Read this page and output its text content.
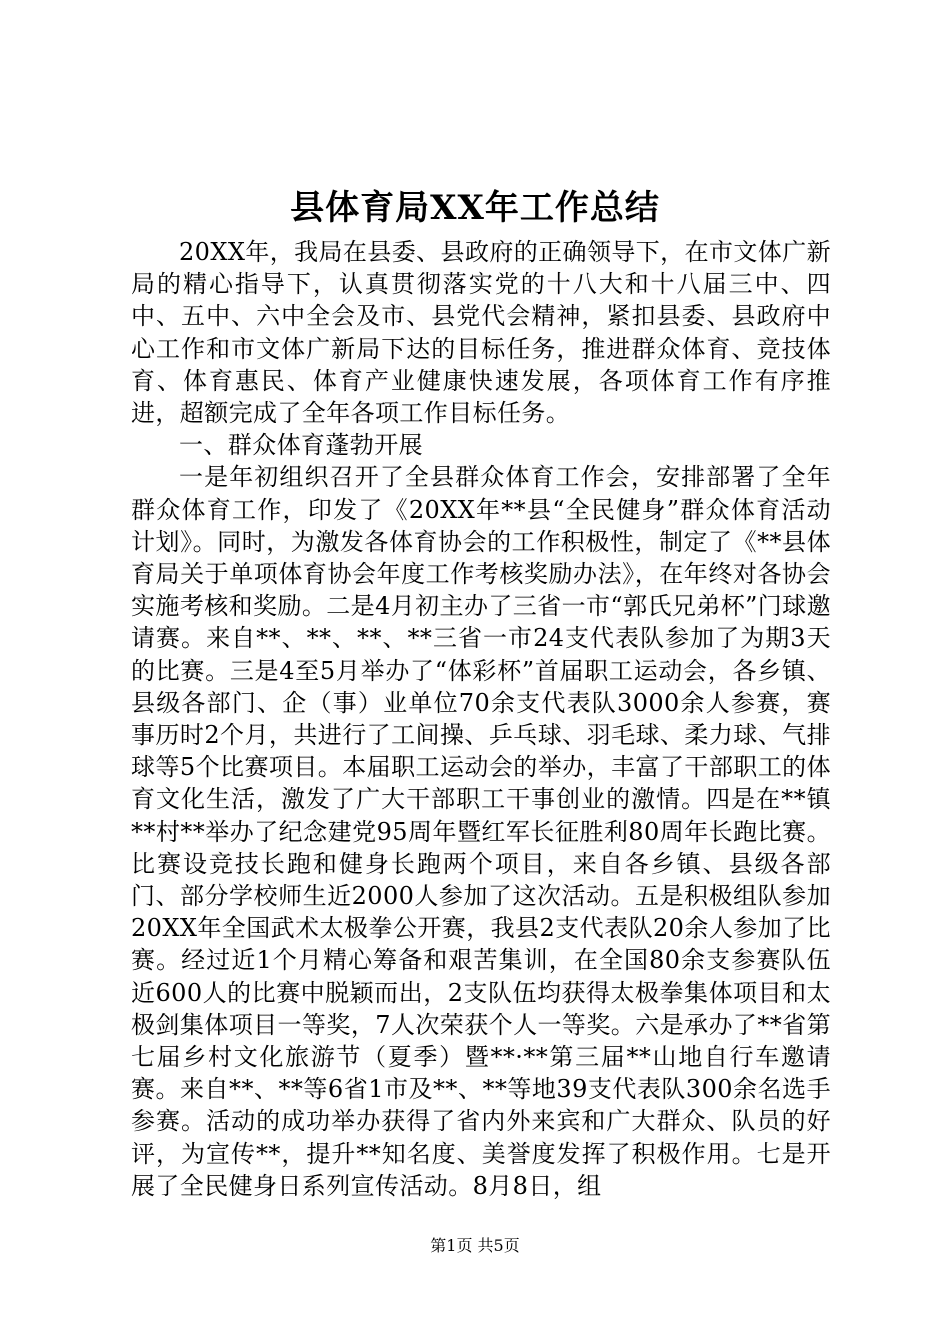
县体育局XX年工作总结

20XX年，我局在县委、县政府的正确领导下，在市文体广新局的精心指导下，认真贯彻落实党的十八大和十八届三中、四中、五中、六中全会及市、县党代会精神，紧扣县委、县政府中心工作和市文体广新局下达的目标任务，推进群众体育、竞技体育、体育惠民、体育产业健康快速发展，各项体育工作有序推进，超额完成了全年各项工作目标任务。

一、群众体育蓬勃开展

一是年初组织召开了全县群众体育工作会，安排部署了全年群众体育工作，印发了《20XX年**县“全民健身”群众体育活动计划》。同时，为激发各体育协会的工作积极性，制定了《**县体育局关于单项体育协会年度工作考核奖励办法》，在年终对各协会实施考核和奖励。二是4月初主办了三省一市“郭氏兄弟杯”门球邀请赛。来自**、**、**、**三省一市24支代表队参加了为期3天的比赛。三是4至5月举办了“体彩杯”首届职工运动会，各乡镇、县级各部门、企（事）业单位70余支代表队3000余人参赛，赛事历时2个月，共进行了工间操、乒乓球、羽毛球、柔力球、气排球等5个比赛项目。本届职工运动会的举办，丰富了干部职工的体育文化生活，激发了广大干部职工干事创业的激情。四是在**镇**村**举办了纪念建党95周年暨红军长征胜利80周年长跑比赛。比赛设竞技长跑和健身长跑两个项目，来自各乡镇、县级各部门、部分学校师生近2000人参加了这次活动。五是积极组队参加20XX年全国武术太极拳公开赛，我县2支代表队20余人参加了比赛。经过近1个月精心筹备和艰苦集训，在全国80余支参赛队伍近600人的比赛中脱颖而出，2支队伍均获得太极拳集体项目和太极剑集体项目一等奖，7人次荣获个人一等奖。六是承办了**省第七届乡村文化旅游节（夏季）暨**·**第三届**山地自行车邀请赛。来自**、**等6省1市及**、**等地39支代表队300余名选手参赛。活动的成功举办获得了省内外来宾和广大群众、队员的好评，为宣传**，提升**知名度、美誉度发挥了积极作用。七是开展了全民健身日系列宣传活动。8月8日，组

第1页 共5页
